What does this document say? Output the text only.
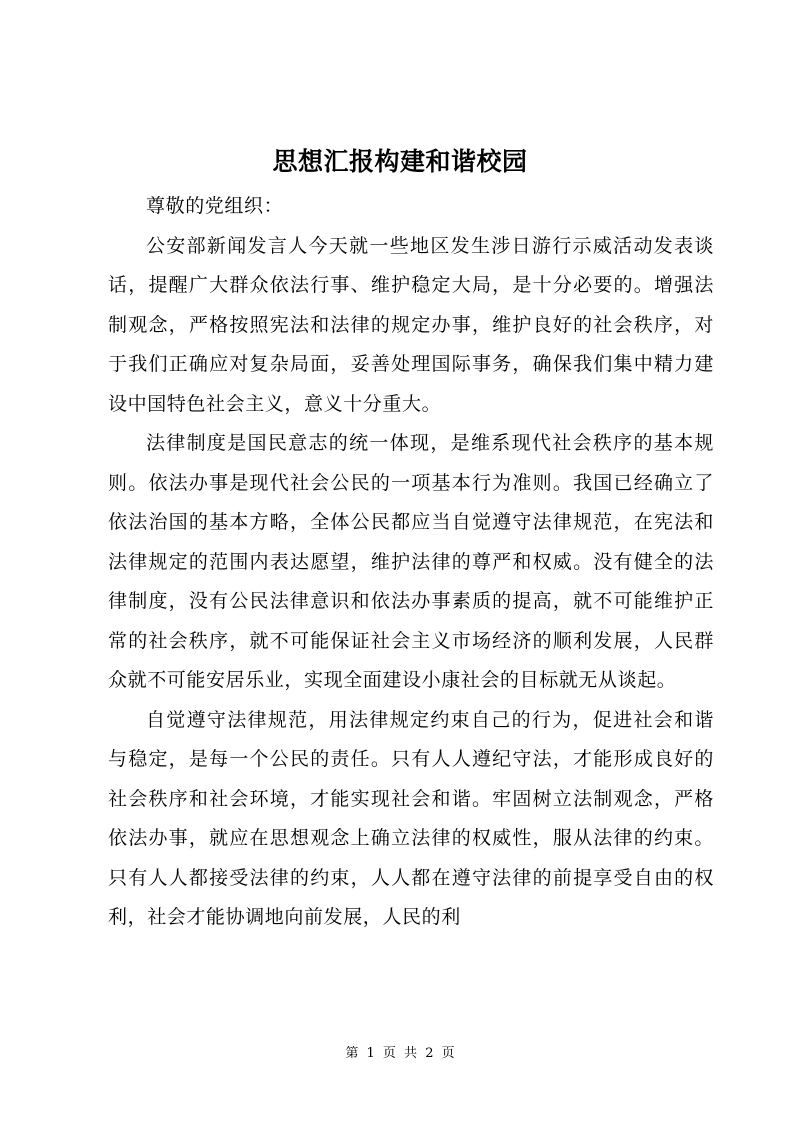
思想汇报构建和谐校园

尊敬的党组织：

公安部新闻发言人今天就一些地区发生涉日游行示威活动发表谈话，提醒广大群众依法行事、维护稳定大局，是十分必要的。增强法制观念，严格按照宪法和法律的规定办事，维护良好的社会秩序，对于我们正确应对复杂局面，妥善处理国际事务，确保我们集中精力建设中国特色社会主义，意义十分重大。

法律制度是国民意志的统一体现，是维系现代社会秩序的基本规则。依法办事是现代社会公民的一项基本行为准则。我国已经确立了依法治国的基本方略，全体公民都应当自觉遵守法律规范，在宪法和法律规定的范围内表达愿望，维护法律的尊严和权威。没有健全的法律制度，没有公民法律意识和依法办事素质的提高，就不可能维护正常的社会秩序，就不可能保证社会主义市场经济的顺利发展，人民群众就不可能安居乐业，实现全面建设小康社会的目标就无从谈起。

自觉遵守法律规范，用法律规定约束自己的行为，促进社会和谐与稳定，是每一个公民的责任。只有人人遵纪守法，才能形成良好的社会秩序和社会环境，才能实现社会和谐。牢固树立法制观念，严格依法办事，就应在思想观念上确立法律的权威性，服从法律的约束。只有人人都接受法律的约束，人人都在遵守法律的前提享受自由的权利，社会才能协调地向前发展，人民的利

第 1 页 共 2 页
